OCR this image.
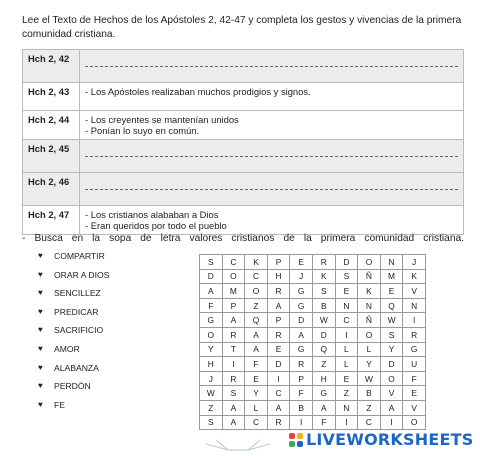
Lee el Texto de Hechos de los Apóstoles 2, 42-47 y completa los gestos y vivencias de la primera
comunidad cristiana.
Hch 2, 42	

Hch 2, 43	- Los Apóstoles realizaban muchos prodigios y signos.

Hch 2, 44	- Los creyentes se mantenían unidos
- Ponían lo suyo en común.

Hch 2, 45	

Hch 2, 46	

Hch 2, 47	- Los cristianos alababan a Dios
- Eran queridos por todo el pueblo
- Busca en la sopa de letra valores cristianos de la primera comunidad cristiana.
♥	COMPARTIR
♥	ORAR A DIOS
♥	SENCILLEZ
♥	PREDICAR
♥	SACRIFICIO
♥	AMOR
♥	ALABANZA
♥	PERDÓN
♥	FE
S	C	K	P	E	R	D	O	N	J
D	O	C	H	J	K	S	Ñ	M	K
A	M	O	R	G	S	E	K	E	V
F	P	Z	A	G	B	N	N	Q	N
G	A	Q	P	D	W	C	Ñ	W	I
O	R	A	R	A	D	I	O	S	R
Y	T	A	E	G	Q	L	L	Y	G
H	I	F	D	R	Z	L	Y	D	U
J	R	E	I	P	H	E	W	O	F
W	S	Y	C	F	G	Z	B	V	E
Z	A	L	A	B	A	N	Z	A	V
S	A	C	R	I	F	I	C	I	O
LIVEWORKSHEETS
